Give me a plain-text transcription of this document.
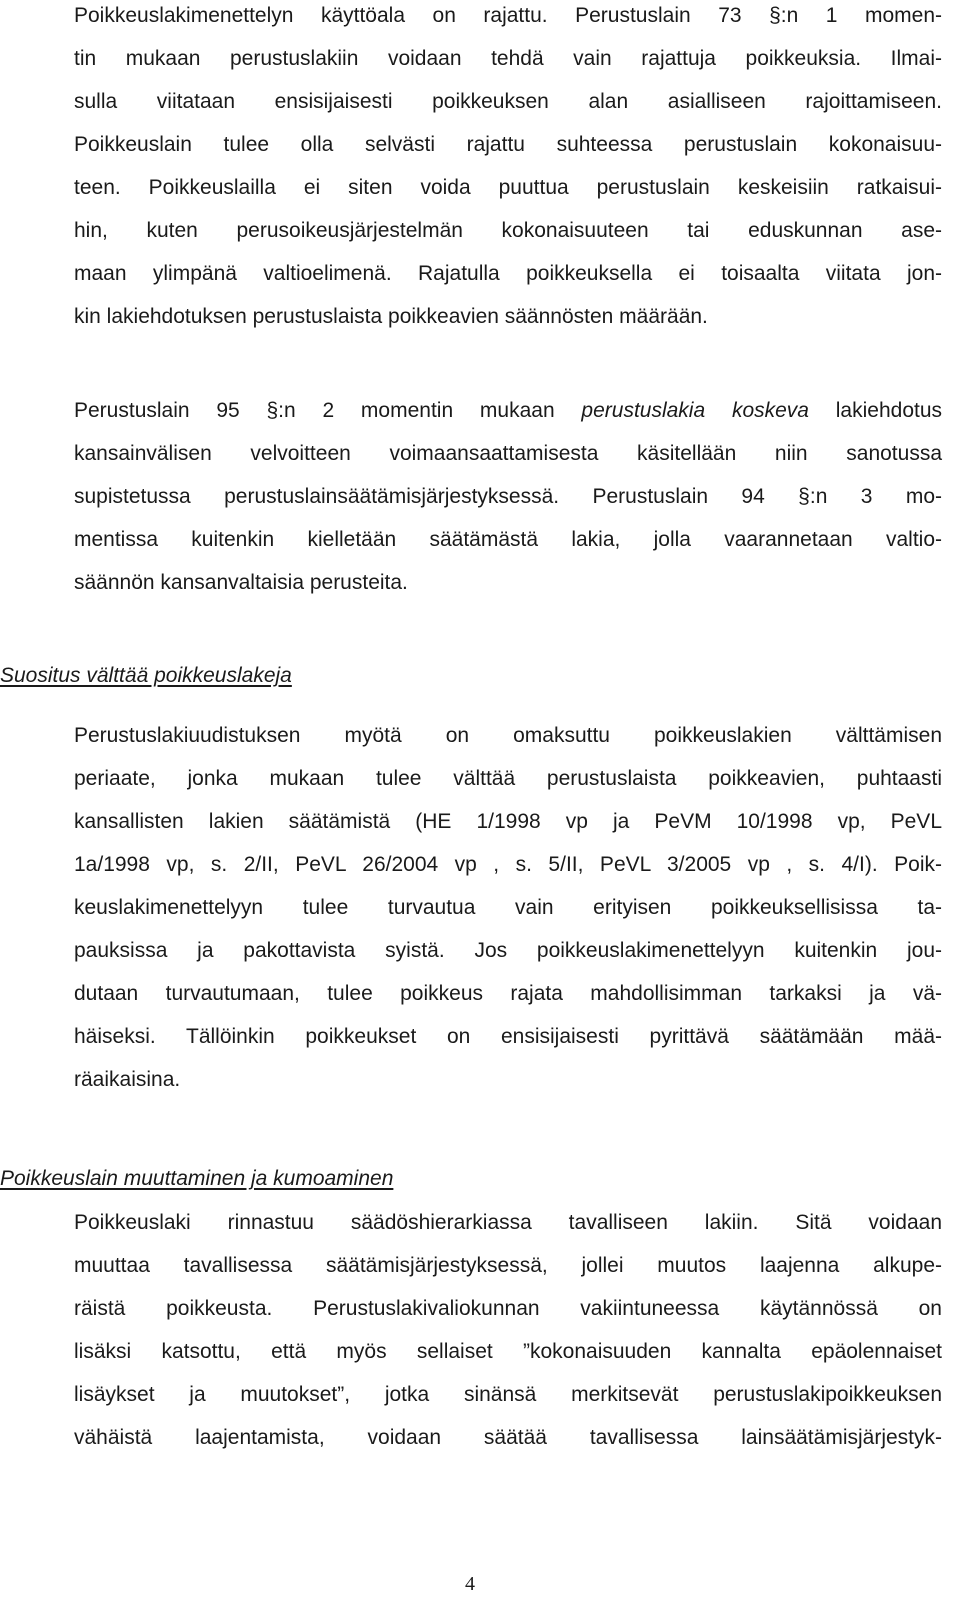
Poikkeuslakimenettelyn käyttöala on rajattu. Perustuslain 73 §:n 1 momen-
tin mukaan perustuslakiin voidaan tehdä vain rajattuja poikkeuksia. Ilmai-
sulla viitataan ensisijaisesti poikkeuksen alan asialliseen rajoittamiseen.
Poikkeuslain tulee olla selvästi rajattu suhteessa perustuslain kokonaisuu-
teen. Poikkeuslailla ei siten voida puuttua perustuslain keskeisiin ratkaisui-
hin, kuten perusoikeusjärjestelmän kokonaisuuteen tai eduskunnan ase-
maan ylimpänä valtioelimenä. Rajatulla poikkeuksella ei toisaalta viitata jon-
kin lakiehdotuksen perustuslaista poikkeavien säännösten määrään.
Perustuslain 95 §:n 2 momentin mukaan perustuslakia koskeva lakiehdotus
kansainvälisen velvoitteen voimaansaattamisesta käsitellään niin sanotussa
supistetussa perustuslainsäätämisjärjestyksessä. Perustuslain 94 §:n 3 mo-
mentissa kuitenkin kielletään säätämästä lakia, jolla vaarannetaan valtio-
säännön kansanvaltaisia perusteita.
Suositus välttää poikkeuslakeja
Perustuslakiuudistuksen myötä on omaksuttu poikkeuslakien välttämisen
periaate, jonka mukaan tulee välttää perustuslaista poikkeavien, puhtaasti
kansallisten lakien säätämistä (HE 1/1998 vp ja PeVM 10/1998 vp, PeVL
1a/1998 vp, s. 2/II, PeVL 26/2004 vp , s. 5/II, PeVL 3/2005 vp , s. 4/I). Poik-
keuslakimenettelyyn tulee turvautua vain erityisen poikkeuksellisissa ta-
pauksissa ja pakottavista syistä. Jos poikkeuslakimenettelyyn kuitenkin jou-
dutaan turvautumaan, tulee poikkeus rajata mahdollisimman tarkaksi ja vä-
häiseksi. Tällöinkin poikkeukset on ensisijaisesti pyrittävä säätämään mää-
räaikaisina.
Poikkeuslain muuttaminen ja kumoaminen
Poikkeuslaki rinnastuu säädöshierarkiassa tavalliseen lakiin. Sitä voidaan
muuttaa tavallisessa säätämisjärjestyksessä, jollei muutos laajenna alkupe-
räistä poikkeusta. Perustuslakivaliokunnan vakiintuneessa käytännössä on
lisäksi katsottu, että myös sellaiset ”kokonaisuuden kannalta epäolennaiset
lisäykset ja muutokset”, jotka sinänsä merkitsevät perustuslakipoikkeuksen
vähäistä laajentamista, voidaan säätää tavallisessa lainsäätämisjärjestyk-
4
